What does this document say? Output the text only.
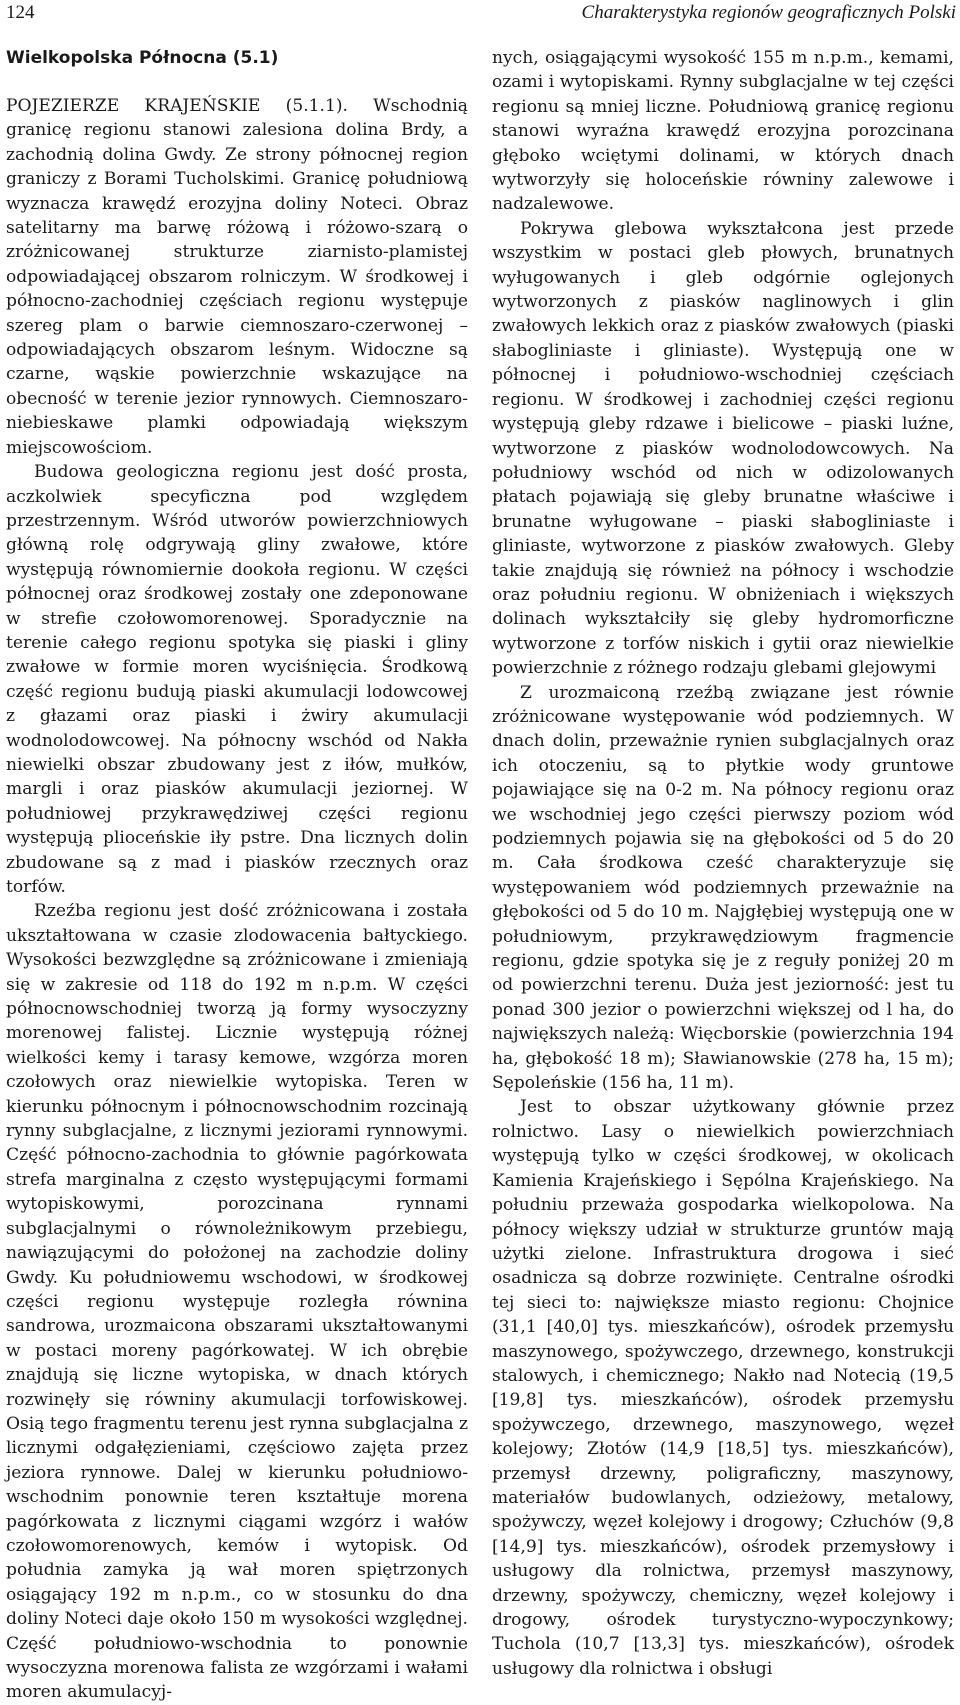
124	Charakterystyka regionów geograficznych Polski
Wielkopolska Północna (5.1)

POJEZIERZE KRAJEŃSKIE (5.1.1). Wschodnią granicę regionu stanowi zalesiona dolina Brdy, a zachodnią dolina Gwdy. Ze strony północnej region graniczy z Borami Tucholskimi. Granicę południową wyznacza krawędź erozyjna doliny Noteci. Obraz satelitarny ma barwę różową i różowo-szarą o zróżnicowanej strukturze ziarnisto-plamistej odpowiadającej obszarom rolniczym. W środkowej i północno-zachodniej częściach regionu występuje szereg plam o barwie ciemnoszaro-czerwonej – odpowiadających obszarom leśnym. Widoczne są czarne, wąskie powierzchnie wskazujące na obecność w terenie jezior rynnowych. Ciemnoszaro-niebieskawe plamki odpowiadają większym miejscowościom.

Budowa geologiczna regionu jest dość prosta, aczkolwiek specyficzna pod względem przestrzennym. Wśród utworów powierzchniowych główną rolę odgrywają gliny zwałowe, które występują równomiernie dookoła regionu. W części północnej oraz środkowej zostały one zdeponowane w strefie czołowomorenowej. Sporadycznie na terenie całego regionu spotyka się piaski i gliny zwałowe w formie moren wyciśnięcia. Środkową część regionu budują piaski akumulacji lodowcowej z głazami oraz piaski i żwiry akumulacji wodnolodowcowej. Na północny wschód od Nakła niewielki obszar zbudowany jest z iłów, mułków, margli i oraz piasków akumulacji jeziornej. W południowej przykrawędziwej części regionu występują plioceńskie iły pstre. Dna licznych dolin zbudowane są z mad i piasków rzecznych oraz torfów.

Rzeźba regionu jest dość zróżnicowana i została ukształtowana w czasie zlodowacenia bałtyckiego. Wysokości bezwzględne są zróżnicowane i zmieniają się w zakresie od 118 do 192 m n.p.m. W części północnowschodniej tworzą ją formy wysoczyzny morenowej falistej. Licznie występują różnej wielkości kemy i tarasy kemowe, wzgórza moren czołowych oraz niewielkie wytopiska. Teren w kierunku północnym i północnowschodnim rozcinają rynny subglacjalne, z licznymi jeziorami rynnowymi. Część północno-zachodnia to głównie pagórkowata strefa marginalna z często występującymi formami wytopiskowymi, porozcinana rynnami subglacjalnymi o równoleżnikowym przebiegu, nawiązującymi do położonej na zachodzie doliny Gwdy. Ku południowemu wschodowi, w środkowej części regionu występuje rozległa równina sandrowa, urozmaicona obszarami ukształtowanymi w postaci moreny pagórkowatej. W ich obrębie znajdują się liczne wytopiska, w dnach których rozwinęły się równiny akumulacji torfowiskowej. Osią tego fragmentu terenu jest rynna subglacjalna z licznymi odgałęzieniami, częściowo zajęta przez jeziora rynnowe. Dalej w kierunku południowo-wschodnim ponownie teren kształtuje morena pagórkowata z licznymi ciągami wzgórz i wałów czołowomorenowych, kemów i wytopisk. Od południa zamyka ją wał moren spiętrzonych osiągający 192 m n.p.m., co w stosunku do dna doliny Noteci daje około 150 m wysokości względnej. Część południowo-wschodnia to ponownie wysoczyzna morenowa falista ze wzgórzami i wałami moren akumulacyj-

nych, osiągającymi wysokość 155 m n.p.m., kemami, ozami i wytopiskami. Rynny subglacjalne w tej części regionu są mniej liczne. Południową granicę regionu stanowi wyraźna krawędź erozyjna porozcinana głęboko wciętymi dolinami, w których dnach wytworzyły się holoceńskie równiny zalewowe i nadzalewowe.

Pokrywa glebowa wykształcona jest przede wszystkim w postaci gleb płowych, brunatnych wyługowanych i gleb odgórnie oglejonych wytworzonych z piasków naglinowych i glin zwałowych lekkich oraz z piasków zwałowych (piaski słabogliniaste i gliniaste). Występują one w północnej i południowo-wschodniej częściach regionu. W środkowej i zachodniej części regionu występują gleby rdzawe i bielicowe – piaski luźne, wytworzone z piasków wodnolodowcowych. Na południowy wschód od nich w odizolowanych płatach pojawiają się gleby brunatne właściwe i brunatne wyługowane – piaski słabogliniaste i gliniaste, wytworzone z piasków zwałowych. Gleby takie znajdują się również na północy i wschodzie oraz południu regionu. W obniżeniach i większych dolinach wykształciły się gleby hydromorficzne wytworzone z torfów niskich i gytii oraz niewielkie powierzchnie z różnego rodzaju glebami glejowymi

Z urozmaiconą rzeźbą związane jest równie zróżnicowane występowanie wód podziemnych. W dnach dolin, przeważnie rynien subglacjalnych oraz ich otoczeniu, są to płytkie wody gruntowe pojawiające się na 0-2 m. Na północy regionu oraz we wschodniej jego części pierwszy poziom wód podziemnych pojawia się na głębokości od 5 do 20 m. Cała środkowa cześć charakteryzuje się występowaniem wód podziemnych przeważnie na głębokości od 5 do 10 m. Najgłębiej występują one w południowym, przykrawędziowym fragmencie regionu, gdzie spotyka się je z reguły poniżej 20 m od powierzchni terenu. Duża jest jeziorność: jest tu ponad 300 jezior o powierzchni większej od l ha, do największych należą: Więcborskie (powierzchnia 194 ha, głębokość 18 m); Sławianowskie (278 ha, 15 m); Sępoleńskie (156 ha, 11 m).

Jest to obszar użytkowany głównie przez rolnictwo. Lasy o niewielkich powierzchniach występują tylko w części środkowej, w okolicach Kamienia Krajeńskiego i Sępólna Krajeńskiego. Na południu przeważa gospodarka wielkopolowa. Na północy większy udział w strukturze gruntów mają użytki zielone. Infrastruktura drogowa i sieć osadnicza są dobrze rozwinięte. Centralne ośrodki tej sieci to: największe miasto regionu: Chojnice (31,1 [40,0] tys. mieszkańców), ośrodek przemysłu maszynowego, spożywczego, drzewnego, konstrukcji stalowych, i chemicznego; Nakło nad Notecią (19,5 [19,8] tys. mieszkańców), ośrodek przemysłu spożywczego, drzewnego, maszynowego, węzeł kolejowy; Złotów (14,9 [18,5] tys. mieszkańców), przemysł drzewny, poligraficzny, maszynowy, materiałów budowlanych, odzieżowy, metalowy, spożywczy, węzeł kolejowy i drogowy; Człuchów (9,8 [14,9] tys. mieszkańców), ośrodek przemysłowy i usługowy dla rolnictwa, przemysł maszynowy, drzewny, spożywczy, chemiczny, węzeł kolejowy i drogowy, ośrodek turystyczno-wypoczynkowy; Tuchola (10,7 [13,3] tys. mieszkańców), ośrodek usługowy dla rolnictwa i obsługi
